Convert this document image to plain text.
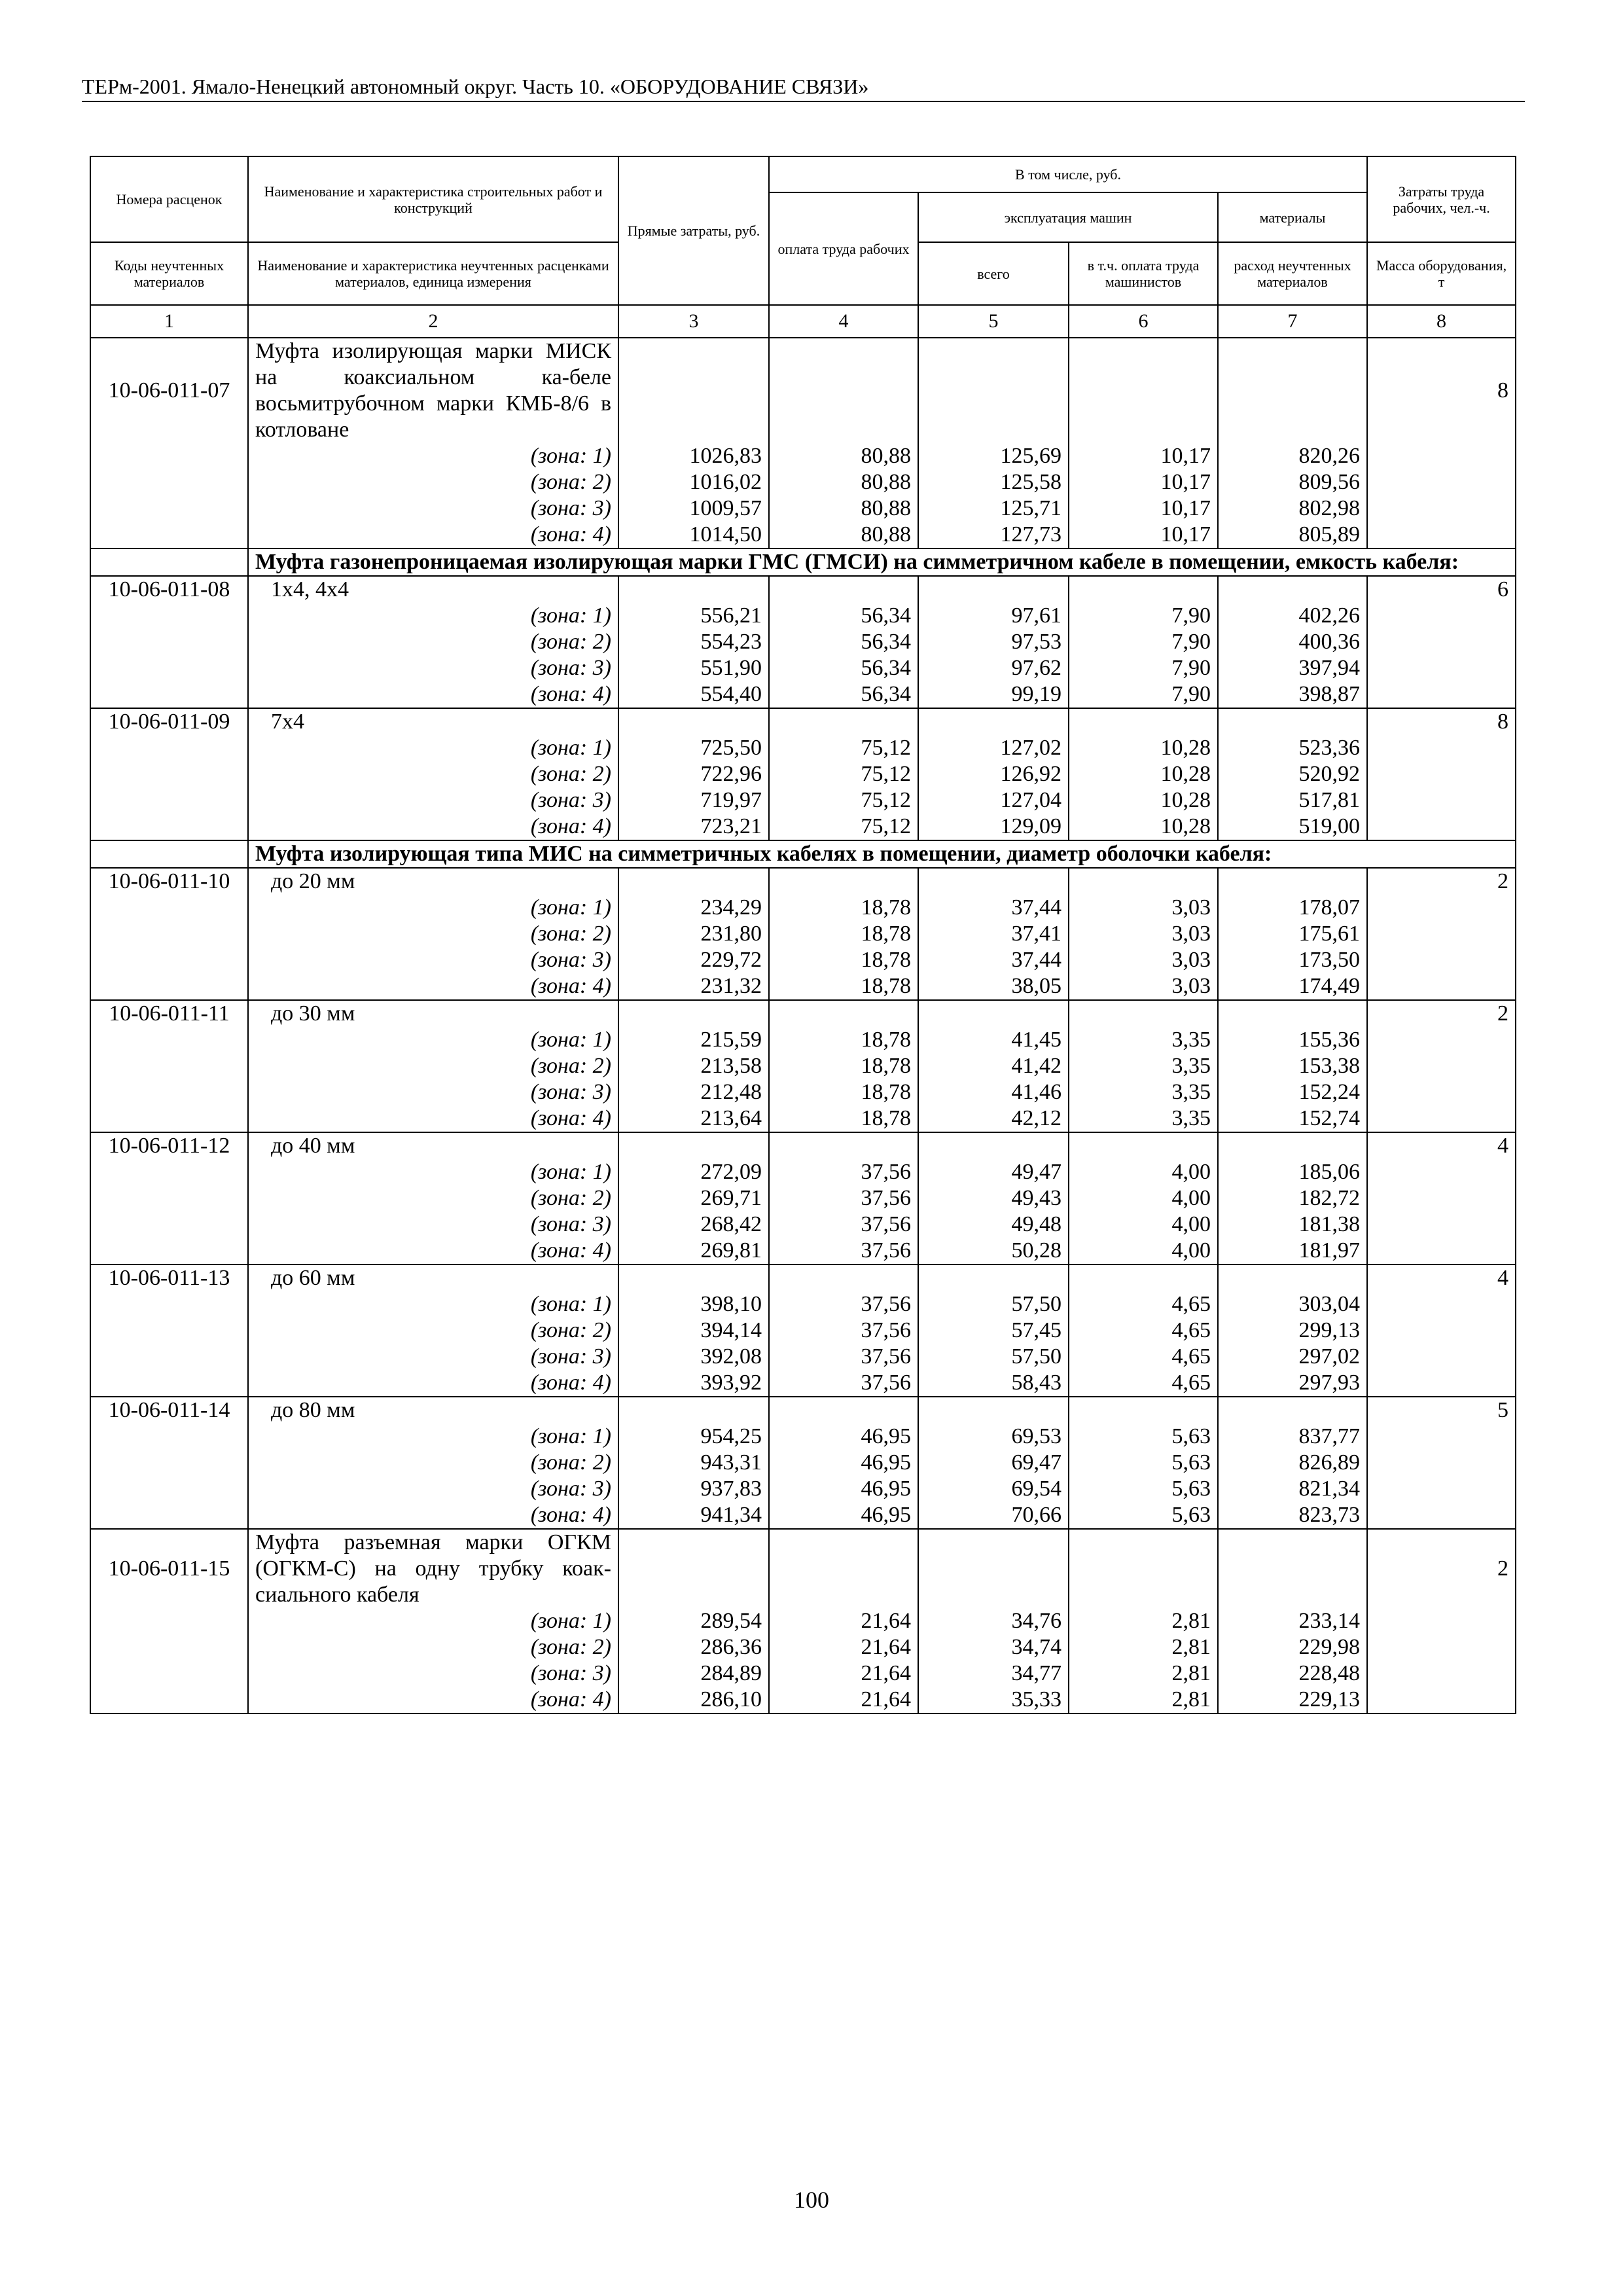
ТЕРм-2001. Ямало-Ненецкий автономный округ. Часть 10. «ОБОРУДОВАНИЕ СВЯЗИ»
Номера расценок	Наименование и характеристика строительных работ и конструкций	Прямые затраты, руб.	В том числе, руб.				Затраты труда рабочих, чел.-ч.
			оплата труда рабочих	эксплуатация машин		материалы	
Коды неучтенных материалов	Наименование и характеристика неучтенных расценками материалов, единица измерения			всего	в т.ч. оплата труда машинистов	расход неучтенных материалов	Масса оборудования, т
1	2	3	4	5	6	7	8
10-06-011-07	Муфта изолирующая марки МИСК на коаксиальном ка-беле восьмитрубочном марки КМБ-8/6 в котловане						8
	(зона: 1)	1026,83	80,88	125,69	10,17	820,26	
	(зона: 2)	1016,02	80,88	125,58	10,17	809,56	
	(зона: 3)	1009,57	80,88	125,71	10,17	802,98	
	(зона: 4)	1014,50	80,88	127,73	10,17	805,89	
	Муфта газонепроницаемая изолирующая марки ГМС (ГМСИ) на симметричном кабеле в помещении, емкость кабеля:						
10-06-011-08	1x4, 4x4						6
	(зона: 1)	556,21	56,34	97,61	7,90	402,26	
	(зона: 2)	554,23	56,34	97,53	7,90	400,36	
	(зона: 3)	551,90	56,34	97,62	7,90	397,94	
	(зона: 4)	554,40	56,34	99,19	7,90	398,87	
10-06-011-09	7x4						8
	(зона: 1)	725,50	75,12	127,02	10,28	523,36	
	(зона: 2)	722,96	75,12	126,92	10,28	520,92	
	(зона: 3)	719,97	75,12	127,04	10,28	517,81	
	(зона: 4)	723,21	75,12	129,09	10,28	519,00	
	Муфта изолирующая типа МИС на симметричных кабелях в помещении, диаметр оболочки кабеля:						
10-06-011-10	до 20 мм						2
	(зона: 1)	234,29	18,78	37,44	3,03	178,07	
	(зона: 2)	231,80	18,78	37,41	3,03	175,61	
	(зона: 3)	229,72	18,78	37,44	3,03	173,50	
	(зона: 4)	231,32	18,78	38,05	3,03	174,49	
10-06-011-11	до 30 мм						2
	(зона: 1)	215,59	18,78	41,45	3,35	155,36	
	(зона: 2)	213,58	18,78	41,42	3,35	153,38	
	(зона: 3)	212,48	18,78	41,46	3,35	152,24	
	(зона: 4)	213,64	18,78	42,12	3,35	152,74	
10-06-011-12	до 40 мм						4
	(зона: 1)	272,09	37,56	49,47	4,00	185,06	
	(зона: 2)	269,71	37,56	49,43	4,00	182,72	
	(зона: 3)	268,42	37,56	49,48	4,00	181,38	
	(зона: 4)	269,81	37,56	50,28	4,00	181,97	
10-06-011-13	до 60 мм						4
	(зона: 1)	398,10	37,56	57,50	4,65	303,04	
	(зона: 2)	394,14	37,56	57,45	4,65	299,13	
	(зона: 3)	392,08	37,56	57,50	4,65	297,02	
	(зона: 4)	393,92	37,56	58,43	4,65	297,93	
10-06-011-14	до 80 мм						5
	(зона: 1)	954,25	46,95	69,53	5,63	837,77	
	(зона: 2)	943,31	46,95	69,47	5,63	826,89	
	(зона: 3)	937,83	46,95	69,54	5,63	821,34	
	(зона: 4)	941,34	46,95	70,66	5,63	823,73	
10-06-011-15	Муфта разъемная марки ОГКМ (ОГКМ-С) на одну трубку коак-сиального кабеля						2
	(зона: 1)	289,54	21,64	34,76	2,81	233,14	
	(зона: 2)	286,36	21,64	34,74	2,81	229,98	
	(зона: 3)	284,89	21,64	34,77	2,81	228,48	
	(зона: 4)	286,10	21,64	35,33	2,81	229,13	
100
